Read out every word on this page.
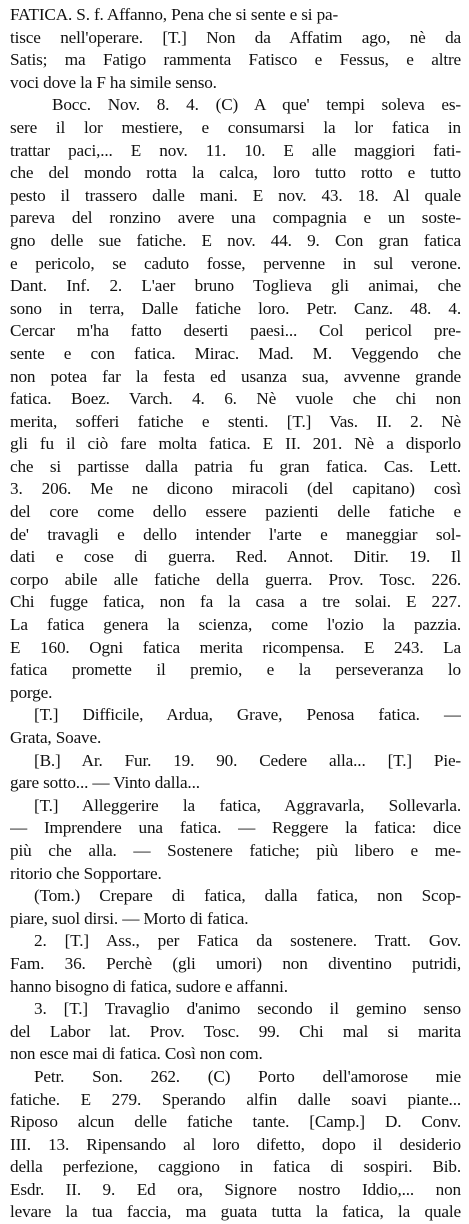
FATICA. S. f. Affanno, Pena che si sente e si pa-
tisce nell'operare. [T.] Non da Affatim ago, nè da
Satis; ma Fatigo rammenta Fatisco e Fessus, e altre
voci dove la F ha simile senso.
Bocc. Nov. 8. 4. (C) A que' tempi soleva es-
sere il lor mestiere, e consumarsi la lor fatica in
trattar paci,... E nov. 11. 10. E alle maggiori fati-
che del mondo rotta la calca, loro tutto rotto e tutto
pesto il trassero dalle mani. E nov. 43. 18. Al quale
pareva del ronzino avere una compagnia e un soste-
gno delle sue fatiche. E nov. 44. 9. Con gran fatica
e pericolo, se caduto fosse, pervenne in sul verone.
Dant. Inf. 2. L'aer bruno Toglieva gli animai, che
sono in terra, Dalle fatiche loro. Petr. Canz. 48. 4.
Cercar m'ha fatto deserti paesi... Col pericol pre-
sente e con fatica. Mirac. Mad. M. Veggendo che
non potea far la festa ed usanza sua, avvenne grande
fatica. Boez. Varch. 4. 6. Nè vuole che chi non
merita, sofferi fatiche e stenti. [T.] Vas. II. 2. Nè
gli fu il ciò fare molta fatica. E II. 201. Nè a disporlo
che si partisse dalla patria fu gran fatica. Cas. Lett.
3. 206. Me ne dicono miracoli (del capitano) così
del core come dello essere pazienti delle fatiche e
de' travagli e dello intender l'arte e maneggiar sol-
dati e cose di guerra. Red. Annot. Ditir. 19. Il
corpo abile alle fatiche della guerra. Prov. Tosc. 226.
Chi fugge fatica, non fa la casa a tre solai. E 227.
La fatica genera la scienza, come l'ozio la pazzia.
E 160. Ogni fatica merita ricompensa. E 243. La
fatica promette il premio, e la perseveranza lo
porge.
[T.] Difficile, Ardua, Grave, Penosa fatica. —
Grata, Soave.
[B.] Ar. Fur. 19. 90. Cedere alla... [T.] Pie-
gare sotto... — Vinto dalla...
[T.] Alleggerire la fatica, Aggravarla, Sollevarla.
— Imprendere una fatica. — Reggere la fatica: dice
più che alla. — Sostenere fatiche; più libero e me-
ritorio che Sopportare.
(Tom.) Crepare di fatica, dalla fatica, non Scop-
piare, suol dirsi. — Morto di fatica.
2. [T.] Ass., per Fatica da sostenere. Tratt. Gov.
Fam. 36. Perchè (gli umori) non diventino putridi,
hanno bisogno di fatica, sudore e affanni.
3. [T.] Travaglio d'animo secondo il gemino senso
del Labor lat. Prov. Tosc. 99. Chi mal si marita
non esce mai di fatica. Così non com.
Petr. Son. 262. (C) Porto dell'amorose mie
fatiche. E 279. Sperando alfin dalle soavi piante...
Riposo alcun delle fatiche tante. [Camp.] D. Conv.
III. 13. Ripensando al loro difetto, dopo il desiderio
della perfezione, caggiono in fatica di sospiri. Bib.
Esdr. II. 9. Ed ora, Signore nostro Iddio,... non
levare la tua faccia, ma guata tutta la fatica, la quale
